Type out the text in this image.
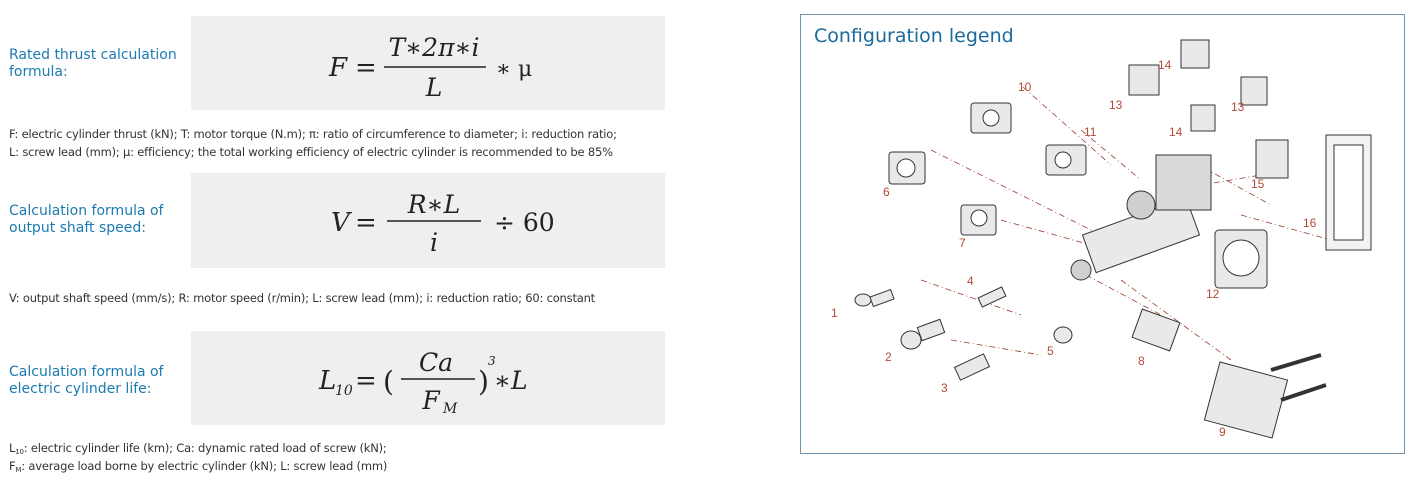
Rated thrust calculation formula:	F =
T∗2π∗i
L
∗ μ
F: electric cylinder thrust (kN); T: motor torque (N.m); π: ratio of circumference to diameter; i: reduction ratio;
L: screw lead (mm); μ: efficiency; the total working efficiency of electric cylinder is recommended to be 85%
Calculation formula of output shaft speed:	V =
R∗L
i
÷ 60
V: output shaft speed (mm/s); R: motor speed (r/min); L: screw lead (mm); i: reduction ratio; 60: constant
Calculation formula of electric cylinder life:	L
10 = (
Ca
F M
)
3
∗L
L10: electric cylinder life (km); Ca: dynamic rated load of screw (kN);
FM: average load borne by electric cylinder (kN); L: screw lead (mm)
Configuration legend
1
2
3
4
5
6
7
8
9
10
11
12
13	13
14
14
15
16
